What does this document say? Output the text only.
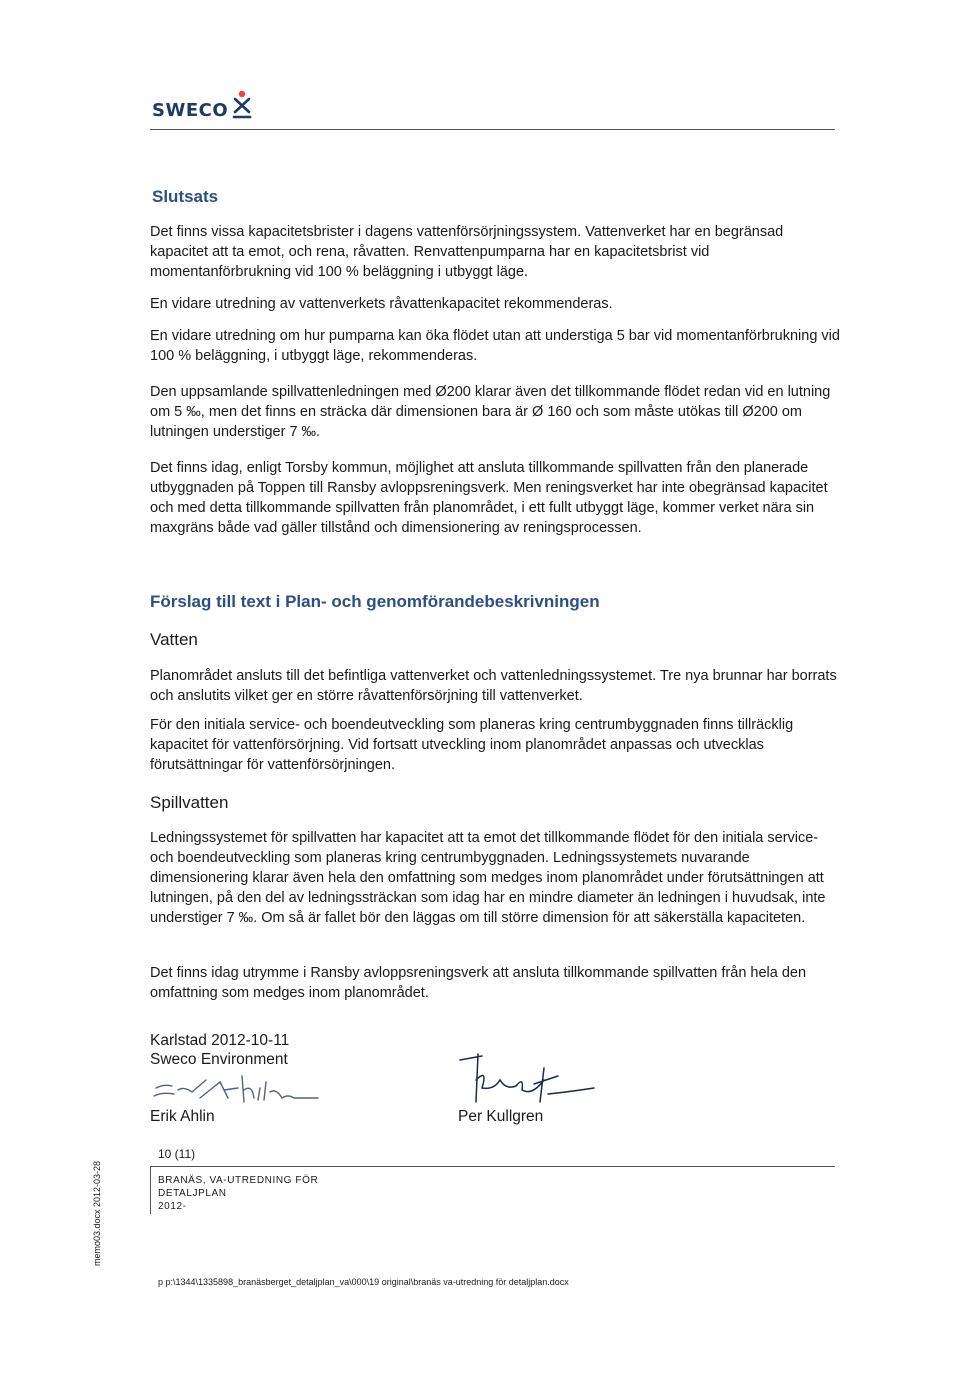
SWECO
Slutsats

Det finns vissa kapacitetsbrister i dagens vattenförsörjningssystem. Vattenverket har en begränsad kapacitet att ta emot, och rena, råvatten. Renvattenpumparna har en kapacitetsbrist vid momentanförbrukning vid 100 % beläggning i utbyggt läge.

En vidare utredning av vattenverkets råvattenkapacitet rekommenderas.

En vidare utredning om hur pumparna kan öka flödet utan att understiga 5 bar vid momentanförbrukning vid 100 % beläggning, i utbyggt läge, rekommenderas.

Den uppsamlande spillvattenledningen med Ø200 klarar även det tillkommande flödet redan vid en lutning om 5 ‰, men det finns en sträcka där dimensionen bara är Ø 160 och som måste utökas till Ø200 om lutningen understiger 7 ‰.

Det finns idag, enligt Torsby kommun, möjlighet att ansluta tillkommande spillvatten från den planerade utbyggnaden på Toppen till Ransby avloppsreningsverk. Men reningsverket har inte obegränsad kapacitet och med detta tillkommande spillvatten från planområdet, i ett fullt utbyggt läge, kommer verket nära sin maxgräns både vad gäller tillstånd och dimensionering av reningsprocessen.

Förslag till text i Plan- och genomförandebeskrivningen
Vatten

Planområdet ansluts till det befintliga vattenverket och vattenledningssystemet. Tre nya brunnar har borrats och anslutits vilket ger en större råvattenförsörjning till vattenverket.

För den initiala service- och boendeutveckling som planeras kring centrumbyggnaden finns tillräcklig kapacitet för vattenförsörjning. Vid fortsatt utveckling inom planområdet anpassas och utvecklas förutsättningar för vattenförsörjningen.

Spillvatten

Ledningssystemet för spillvatten har kapacitet att ta emot det tillkommande flödet för den initiala service- och boendeutveckling som planeras kring centrumbyggnaden. Ledningssystemets nuvarande dimensionering klarar även hela den omfattning som medges inom planområdet under förutsättningen att lutningen, på den del av ledningssträckan som idag har en mindre diameter än ledningen i huvudsak, inte understiger 7 ‰. Om så är fallet bör den läggas om till större dimension för att säkerställa kapaciteten.

Det finns idag utrymme i Ransby avloppsreningsverk att ansluta tillkommande spillvatten från hela den omfattning som medges inom planområdet.

Karlstad 2012-10-11
Sweco Environment
Erik Ahlin	Per Kullgren
10 (11)
BRANÄS, VA-UTREDNING FÖR
DETALJPLAN
2012-
memo03.docx 2012-03-28
p p:\1344\1335898_branäsberget_detaljplan_va\000\19 original\branäs va-utredning för detaljplan.docx
